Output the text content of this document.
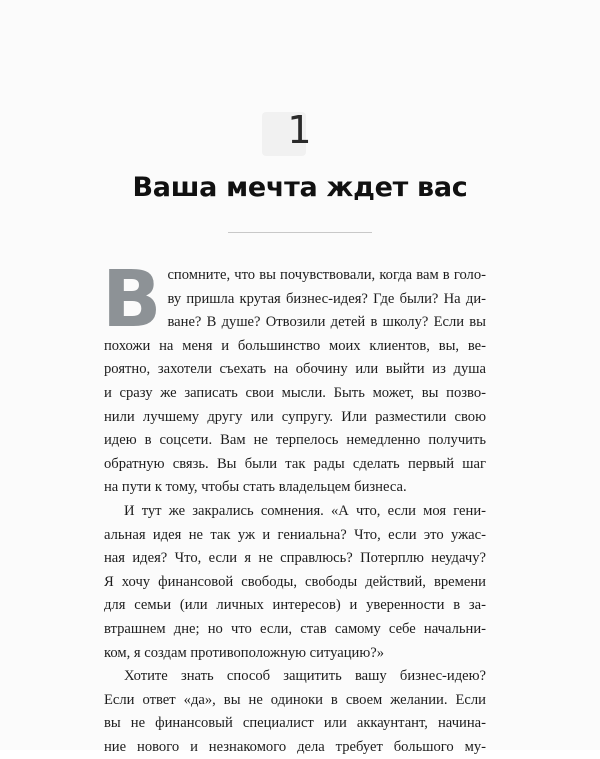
1
Ваша мечта ждет вас

В спомните, что вы почувствовали, когда вам в голо-
ву пришла крутая бизнес-идея? Где были? На ди-
ване? В душе? Отвозили детей в школу? Если вы
похожи на меня и большинство моих клиентов, вы, ве-
роятно, захотели съехать на обочину или выйти из душа
и сразу же записать свои мысли. Быть может, вы позво-
нили лучшему другу или супругу. Или разместили свою
идею в соцсети. Вам не терпелось немедленно получить
обратную связь. Вы были так рады сделать первый шаг
на пути к тому, чтобы стать владельцем бизнеса.

И тут же закрались сомнения. «А что, если моя гени-
альная идея не так уж и гениальна? Что, если это ужас-
ная идея? Что, если я не справлюсь? Потерплю неудачу?
Я хочу финансовой свободы, свободы действий, времени
для семьи (или личных интересов) и уверенности в за-
втрашнем дне; но что если, став самому себе начальни-
ком, я создам противоположную ситуацию?»

Хотите знать способ защитить вашу бизнес-идею?
Если ответ «да», вы не одиноки в своем желании. Если
вы не финансовый специалист или аккаунтант, начина-
ние нового и незнакомого дела требует большого му-
